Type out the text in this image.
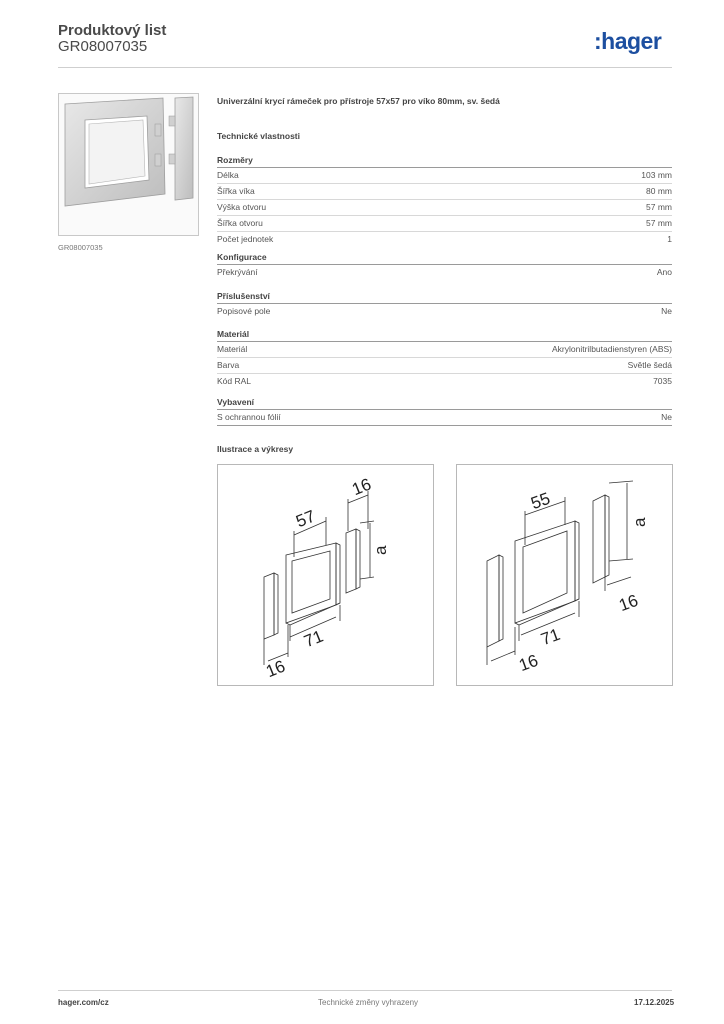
Produktový list
GR08007035	:hager
GR08007035
Univerzální krycí rámeček pro přístroje 57x57 pro víko 80mm, sv. šedá
Technické vlastnosti
Rozměry
Délka	103 mm
Šířka víka	80 mm
Výška otvoru	57 mm
Šířka otvoru	57 mm
Počet jednotek	1
Konfigurace
Překrývání	Ano
Příslušenství
Popisové pole	Ne
Materiál
Materiál	Akrylonitrilbutadienstyren (ABS)
Barva	Světle šedá
Kód RAL	7035
Vybavení
S ochrannou fólií	Ne
Ilustrace a výkresy
57
16
a
71
16
55
a
16
71
16
hager.com/cz	Technické změny vyhrazeny	17.12.2025
